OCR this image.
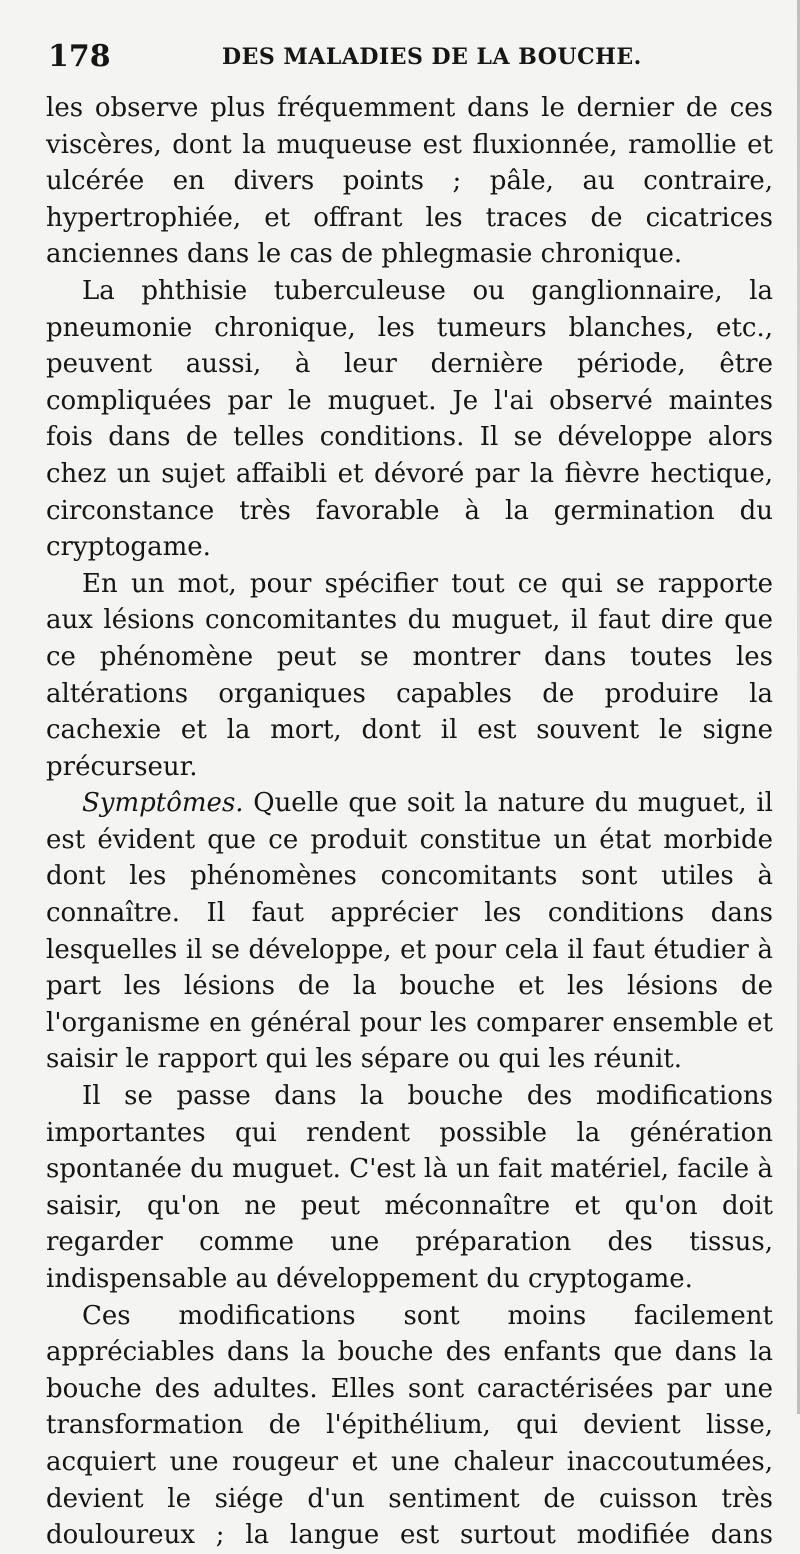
178	DES MALADIES DE LA BOUCHE.

les observe plus fréquemment dans le dernier de ces viscères, dont la muqueuse est fluxionnée, ramollie et ulcérée en divers points ; pâle, au contraire, hypertrophiée, et offrant les traces de cicatrices anciennes dans le cas de phlegmasie chronique.

La phthisie tuberculeuse ou ganglionnaire, la pneumonie chronique, les tumeurs blanches, etc., peuvent aussi, à leur dernière période, être compliquées par le muguet. Je l'ai observé maintes fois dans de telles conditions. Il se développe alors chez un sujet affaibli et dévoré par la fièvre hectique, circonstance très favorable à la germination du cryptogame.

En un mot, pour spécifier tout ce qui se rapporte aux lésions concomitantes du muguet, il faut dire que ce phénomène peut se montrer dans toutes les altérations organiques capables de produire la cachexie et la mort, dont il est souvent le signe précurseur.

Symptômes. Quelle que soit la nature du muguet, il est évident que ce produit constitue un état morbide dont les phénomènes concomitants sont utiles à connaître. Il faut apprécier les conditions dans lesquelles il se développe, et pour cela il faut étudier à part les lésions de la bouche et les lésions de l'organisme en général pour les comparer ensemble et saisir le rapport qui les sépare ou qui les réunit.

Il se passe dans la bouche des modifications importantes qui rendent possible la génération spontanée du muguet. C'est là un fait matériel, facile à saisir, qu'on ne peut méconnaître et qu'on doit regarder comme une préparation des tissus, indispensable au développement du cryptogame.

Ces modifications sont moins facilement appréciables dans la bouche des enfants que dans la bouche des adultes. Elles sont caractérisées par une transformation de l'épithélium, qui devient lisse, acquiert une rougeur et une chaleur inaccoutumées, devient le siége d'un sentiment de cuisson très douloureux ; la langue est surtout modifiée dans
